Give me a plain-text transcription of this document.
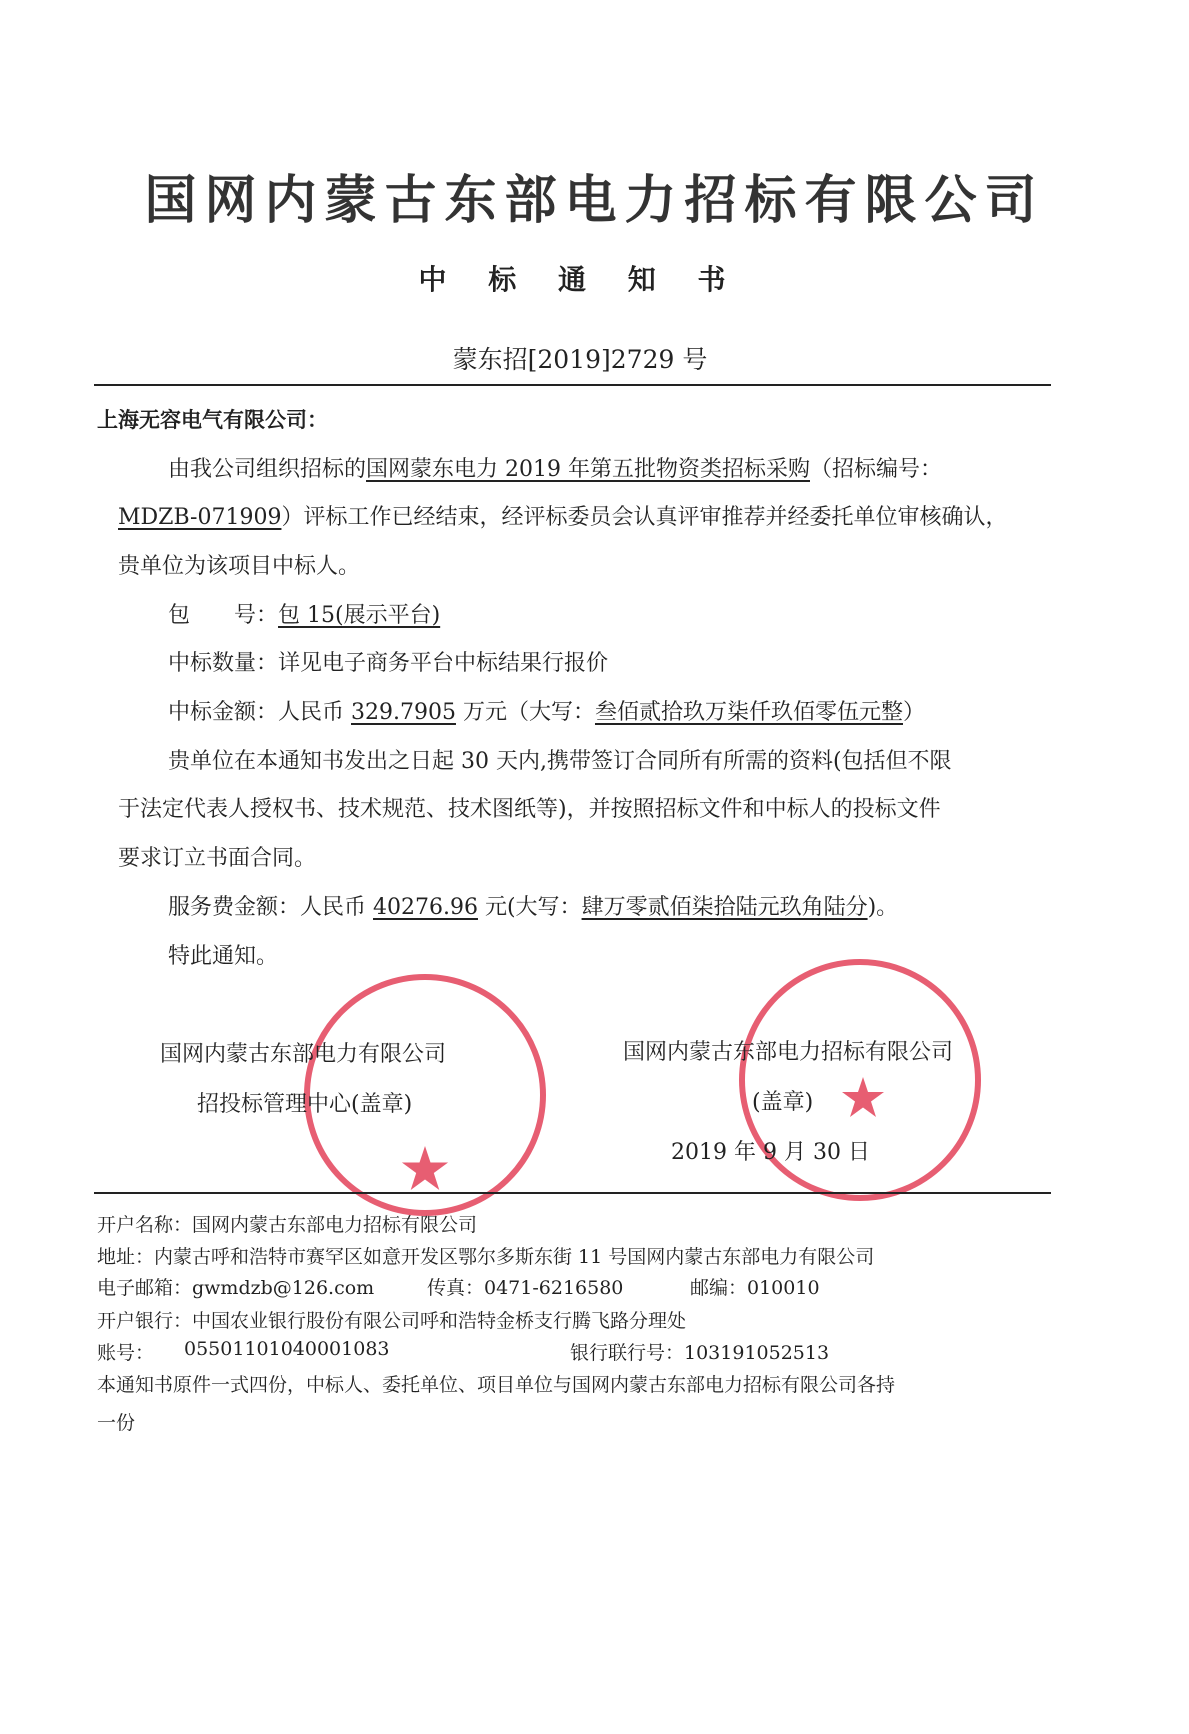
国网内蒙古东部电力招标有限公司
中 标 通 知 书
蒙东招[2019]2729 号
上海无容电气有限公司：
由我公司组织招标的国网蒙东电力 2019 年第五批物资类招标采购（招标编号：
MDZB-071909）评标工作已经结束，经评标委员会认真评审推荐并经委托单位审核确认，
贵单位为该项目中标人。
包　　号：包 15(展示平台)
中标数量：详见电子商务平台中标结果行报价
中标金额：人民币 329.7905 万元（大写：叁佰贰拾玖万柒仟玖佰零伍元整）
贵单位在本通知书发出之日起 30 天内,携带签订合同所有所需的资料(包括但不限
于法定代表人授权书、技术规范、技术图纸等)，并按照招标文件和中标人的投标文件
要求订立书面合同。
服务费金额：人民币 40276.96 元(大写：肆万零贰佰柒拾陆元玖角陆分)。
特此通知。
国网内蒙古东部电力有限公司
招投标管理中心(盖章)
国网内蒙古东部电力招标有限公司
(盖章)
2019 年 9 月 30 日
开户名称：国网内蒙古东部电力招标有限公司
地址：内蒙古呼和浩特市赛罕区如意开发区鄂尔多斯东街 11 号国网内蒙古东部电力有限公司
电子邮箱：gwmdzb@126.com	传真：0471-6216580	邮编：010010
开户银行：中国农业银行股份有限公司呼和浩特金桥支行腾飞路分理处
账号： 05501101040001083	银行联行号：103191052513
本通知书原件一式四份，中标人、委托单位、项目单位与国网内蒙古东部电力招标有限公司各持
一份
